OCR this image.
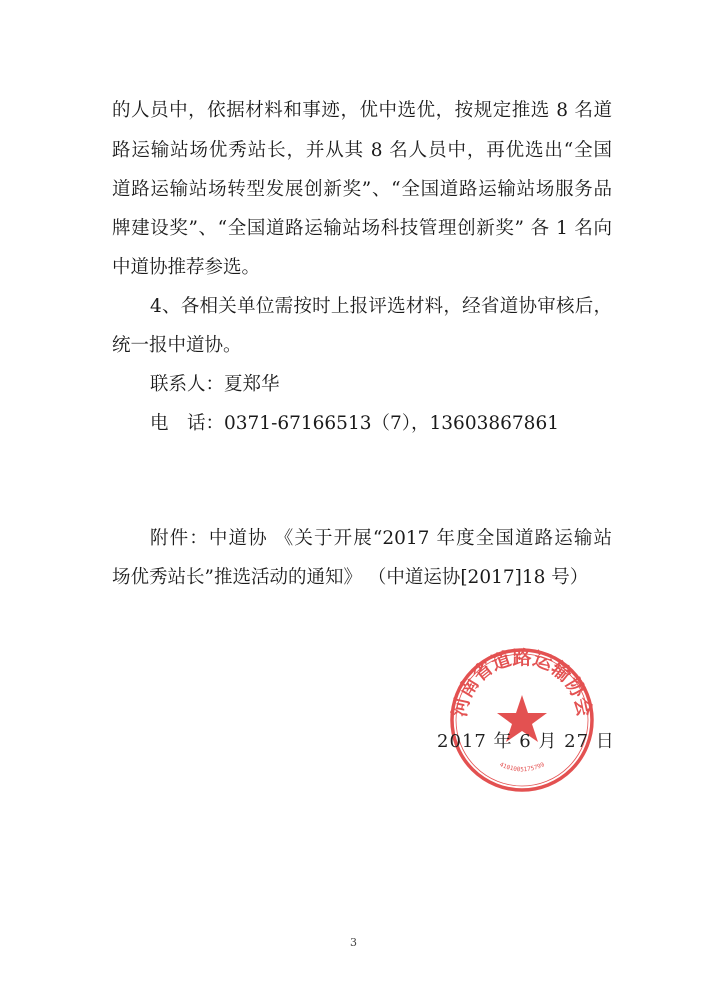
的人员中，依据材料和事迹，优中选优，按规定推选 8 名道
路运输站场优秀站长，并从其 8 名人员中，再优选出“全国
道路运输站场转型发展创新奖”、“全国道路运输站场服务品
牌建设奖”、“全国道路运输站场科技管理创新奖” 各 1 名向
中道协推荐参选。
4、各相关单位需按时上报评选材料，经省道协审核后，
统一报中道协。
联系人：夏郑华
电　话：0371-67166513（7），13603867861
附件：中道协 《关于开展“2017 年度全国道路运输站
场优秀站长”推选活动的通知》 （中道运协[2017]18 号）
河南省道路运输协会
4101005175799
2017 年 6 月 27 日
3
